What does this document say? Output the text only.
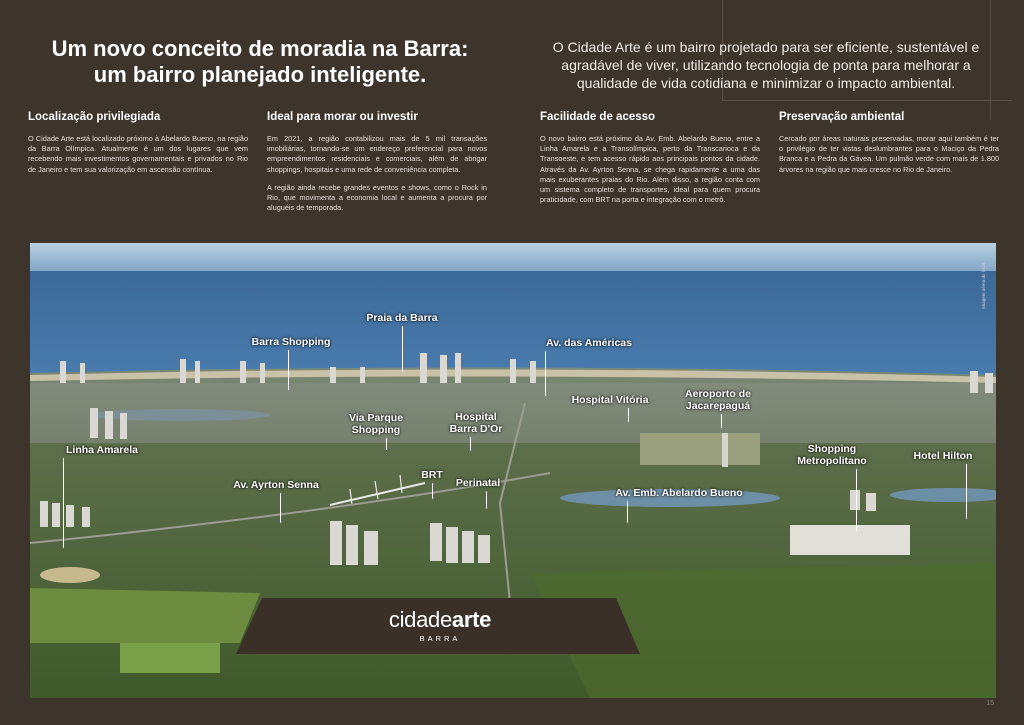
Um novo conceito de moradia na Barra: um bairro planejado inteligente.

O Cidade Arte é um bairro projetado para ser eficiente, sustentável e agradável de viver, utilizando tecnologia de ponta para melhorar a qualidade de vida cotidiana e minimizar o impacto ambiental.

Localização privilegiada

O Cidade Arte está localizado próximo à Abelardo Bueno, na região da Barra Olímpica. Atualmente é um dos lugares que vem recebendo mais investimentos governamentais e privados no Rio de Janeiro e tem sua valorização em ascensão contínua.

Ideal para morar ou investir

Em 2021, a região contabilizou mais de 5 mil transações imobiliárias, tornando-se um endereço preferencial para novos empreendimentos residenciais e comerciais, além de abrigar shoppings, hospitais e uma rede de conveniência completa.

A região ainda recebe grandes eventos e shows, como o Rock in Rio, que movimenta a economia local e aumenta a procura por aluguéis de temporada.

Facilidade de acesso

O novo bairro está próximo da Av. Emb. Abelardo Bueno, entre a Linha Amarela e a Transolímpica, perto da Transcarioca e da Transoeste, e tem acesso rápido aos principais pontos da cidade. Através da Av. Ayrton Senna, se chega rapidamente a uma das mais exuberantes praias do Rio. Além disso, a região conta com um sistema completo de transportes, ideal para quem procura praticidade, com BRT na porta e integração com o metrô.

Preservação ambiental

Cercado por áreas naturais preservadas, morar aqui também é ter o privilégio de ter vistas deslumbrantes para o Maciço da Pedra Branca e a Pedra da Gávea. Um pulmão verde com mais de 1.800 árvores na região que mais cresce no Rio de Janeiro.

Imagem aérea do local
Praia da Barra
Barra Shopping	Av. das Américas
Hospital Vitória	Aeroporto de
Jacarepaguá
Via Parque
Shopping
Hospital
Barra D'Or
Linha Amarela	Shopping
Metropolitano	Hotel Hilton
BRT
Perinatal
Av. Ayrton Senna
Av. Emb. Abelardo Bueno
cidadearte
BARRA
15
